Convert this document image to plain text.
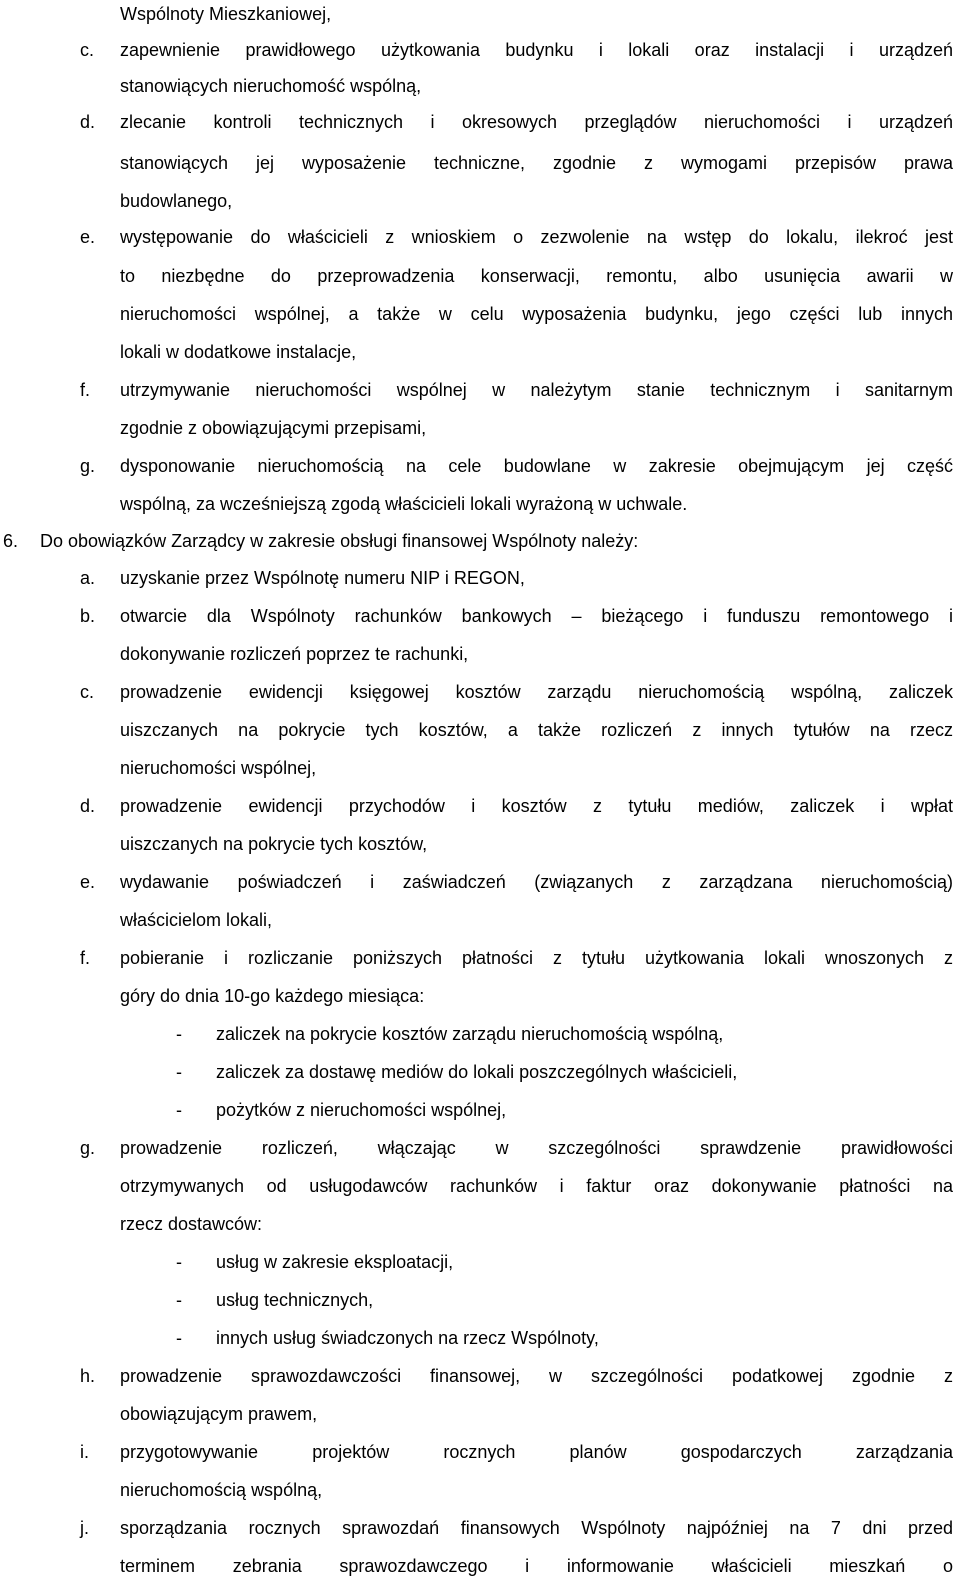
Wspólnoty Mieszkaniowej,
c. zapewnienie prawidłowego użytkowania budynku i lokali oraz instalacji i urządzeń
stanowiących nieruchomość wspólną,
d. zlecanie kontroli technicznych i okresowych przeglądów nieruchomości i urządzeń
stanowiących jej wyposażenie techniczne, zgodnie z wymogami przepisów prawa
budowlanego,
e. występowanie do właścicieli z wnioskiem o zezwolenie na wstęp do lokalu, ilekroć jest
to niezbędne do przeprowadzenia konserwacji, remontu, albo usunięcia awarii w
nieruchomości wspólnej, a także w celu wyposażenia budynku, jego części lub innych
lokali w dodatkowe instalacje,
f. utrzymywanie nieruchomości wspólnej w należytym stanie technicznym i sanitarnym
zgodnie z obowiązującymi przepisami,
g. dysponowanie nieruchomością na cele budowlane w zakresie obejmującym jej część
wspólną, za wcześniejszą zgodą właścicieli lokali wyrażoną w uchwale.
6. Do obowiązków Zarządcy w zakresie obsługi finansowej Wspólnoty należy:
a. uzyskanie przez Wspólnotę numeru NIP i REGON,
b. otwarcie dla Wspólnoty rachunków bankowych – bieżącego i funduszu remontowego i
dokonywanie rozliczeń poprzez te rachunki,
c. prowadzenie ewidencji księgowej kosztów zarządu nieruchomością wspólną, zaliczek
uiszczanych na pokrycie tych kosztów, a także rozliczeń z innych tytułów na rzecz
nieruchomości wspólnej,
d. prowadzenie ewidencji przychodów i kosztów z tytułu mediów, zaliczek i wpłat
uiszczanych na pokrycie tych kosztów,
e. wydawanie poświadczeń i zaświadczeń (związanych z zarządzana nieruchomością)
właścicielom lokali,
f. pobieranie i rozliczanie poniższych płatności z tytułu użytkowania lokali wnoszonych z
góry do dnia 10-go każdego miesiąca:
- zaliczek na pokrycie kosztów zarządu nieruchomością wspólną,
- zaliczek za dostawę mediów do lokali poszczególnych właścicieli,
- pożytków z nieruchomości wspólnej,
g. prowadzenie rozliczeń, włączając w szczególności sprawdzenie prawidłowości
otrzymywanych od usługodawców rachunków i faktur oraz dokonywanie płatności na
rzecz dostawców:
- usług w zakresie eksploatacji,
- usług technicznych,
- innych usług świadczonych na rzecz Wspólnoty,
h. prowadzenie sprawozdawczości finansowej, w szczególności podatkowej zgodnie z
obowiązującym prawem,
i. przygotowywanie projektów rocznych planów gospodarczych zarządzania
nieruchomością wspólną,
j. sporządzania rocznych sprawozdań finansowych Wspólnoty najpóźniej na 7 dni przed
terminem zebrania sprawozdawczego i informowanie właścicieli mieszkań o
